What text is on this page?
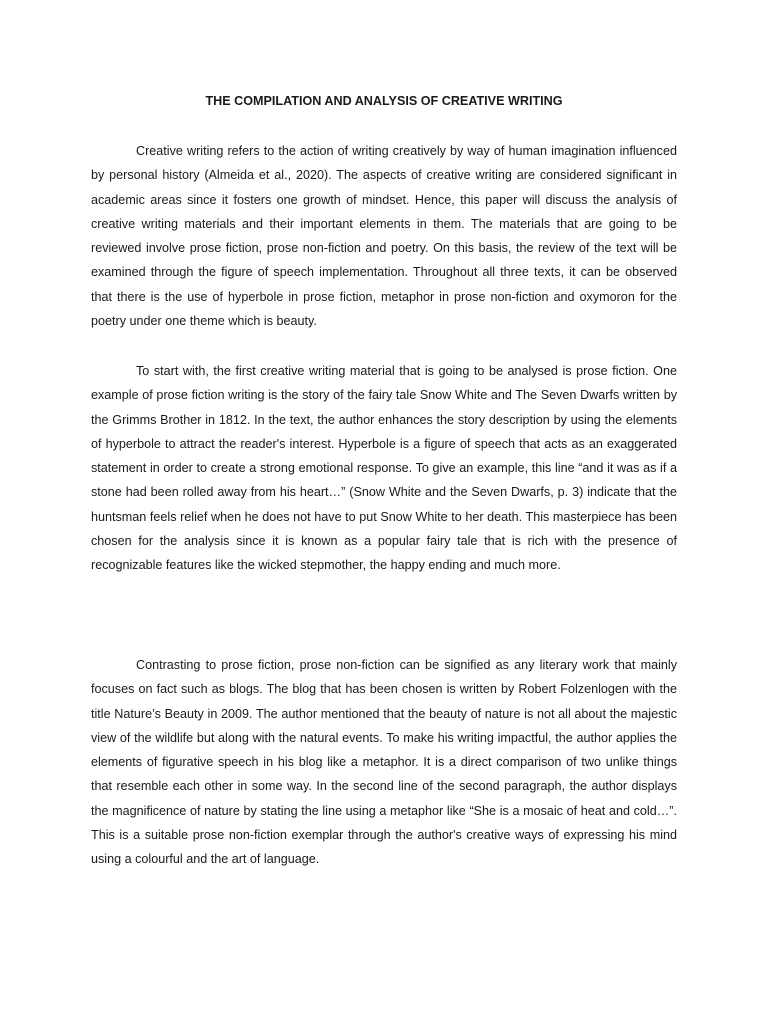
THE COMPILATION AND ANALYSIS OF CREATIVE WRITING

Creative writing refers to the action of writing creatively by way of human imagination influenced by personal history (Almeida et al., 2020). The aspects of creative writing are considered significant in academic areas since it fosters one growth of mindset. Hence, this paper will discuss the analysis of creative writing materials and their important elements in them. The materials that are going to be reviewed involve prose fiction, prose non-fiction and poetry. On this basis, the review of the text will be examined through the figure of speech implementation. Throughout all three texts, it can be observed that there is the use of hyperbole in prose fiction, metaphor in prose non-fiction and oxymoron for the poetry under one theme which is beauty.

To start with, the first creative writing material that is going to be analysed is prose fiction. One example of prose fiction writing is the story of the fairy tale Snow White and The Seven Dwarfs written by the Grimms Brother in 1812. In the text, the author enhances the story description by using the elements of hyperbole to attract the reader's interest. Hyperbole is a figure of speech that acts as an exaggerated statement in order to create a strong emotional response. To give an example, this line “and it was as if a stone had been rolled away from his heart…” (Snow White and the Seven Dwarfs, p. 3) indicate that the huntsman feels relief when he does not have to put Snow White to her death. This masterpiece has been chosen for the analysis since it is known as a popular fairy tale that is rich with the presence of recognizable features like the wicked stepmother, the happy ending and much more.

Contrasting to prose fiction, prose non-fiction can be signified as any literary work that mainly focuses on fact such as blogs. The blog that has been chosen is written by Robert Folzenlogen with the title Nature’s Beauty in 2009. The author mentioned that the beauty of nature is not all about the majestic view of the wildlife but along with the natural events. To make his writing impactful, the author applies the elements of figurative speech in his blog like a metaphor. It is a direct comparison of two unlike things that resemble each other in some way. In the second line of the second paragraph, the author displays the magnificence of nature by stating the line using a metaphor like “She is a mosaic of heat and cold…”. This is a suitable prose non-fiction exemplar through the author's creative ways of expressing his mind using a colourful and the art of language.
